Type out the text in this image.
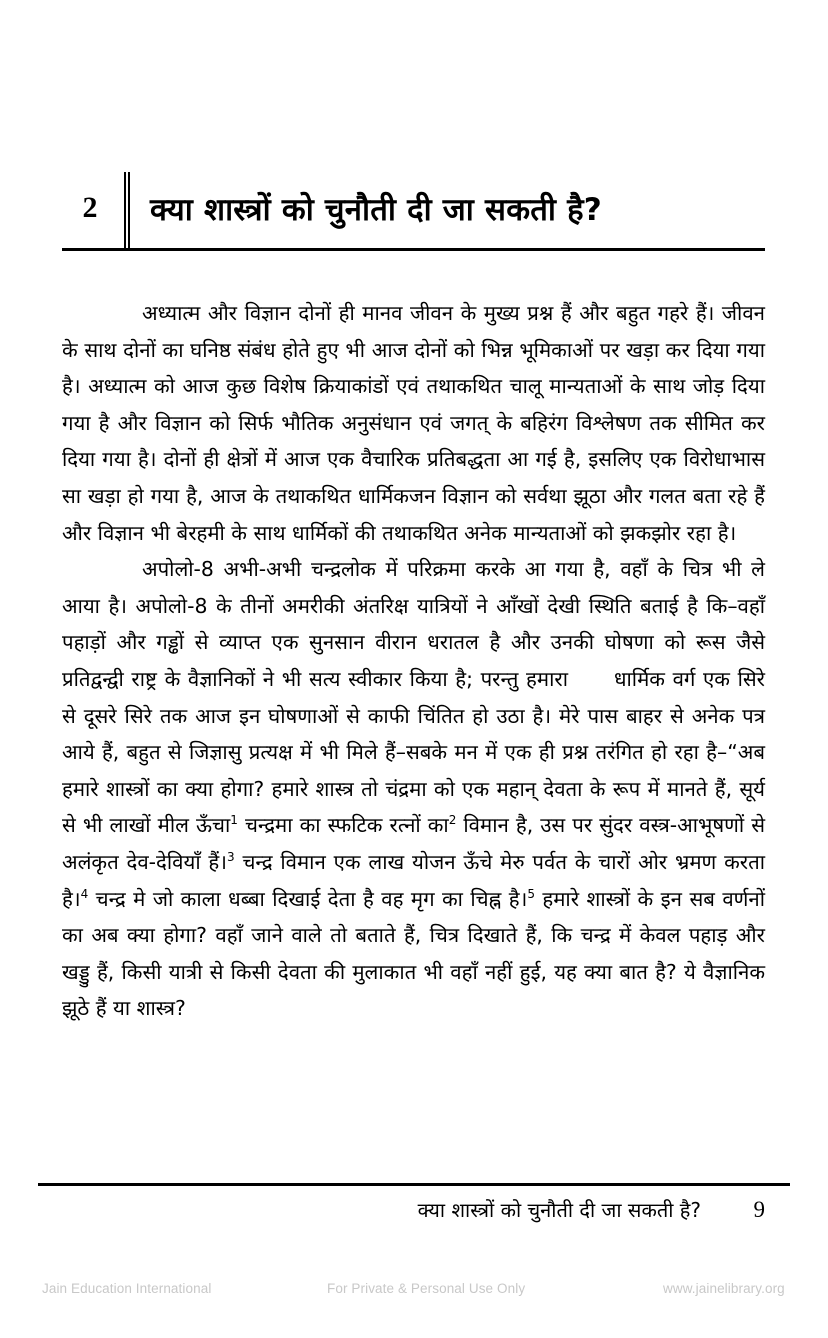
2	क्या शास्त्रों को चुनौती दी जा सकती है?

अध्यात्म और विज्ञान दोनों ही मानव जीवन के मुख्य प्रश्न हैं और बहुत गहरे हैं। जीवन के साथ दोनों का घनिष्ठ संबंध होते हुए भी आज दोनों को भिन्न भूमिकाओं पर खड़ा कर दिया गया है। अध्यात्म को आज कुछ विशेष क्रियाकांडों एवं तथाकथित चालू मान्यताओं के साथ जोड़ दिया गया है और विज्ञान को सिर्फ भौतिक अनुसंधान एवं जगत् के बहिरंग विश्लेषण तक सीमित कर दिया गया है। दोनों ही क्षेत्रों में आज एक वैचारिक प्रतिबद्धता आ गई है, इसलिए एक विरोधाभास सा खड़ा हो गया है, आज के तथाकथित धार्मिकजन विज्ञान को सर्वथा झूठा और गलत बता रहे हैं और विज्ञान भी बेरहमी के साथ धार्मिकों की तथाकथित अनेक मान्यताओं को झकझोर रहा है।

अपोलो-8 अभी-अभी चन्द्रलोक में परिक्रमा करके आ गया है, वहाँ के चित्र भी ले आया है। अपोलो-8 के तीनों अमरीकी अंतरिक्ष यात्रियों ने आँखों देखी स्थिति बताई है कि–वहाँ पहाड़ों और गड्ढों से व्याप्त एक सुनसान वीरान धरातल है और उनकी घोषणा को रूस जैसे प्रतिद्वन्द्वी राष्ट्र के वैज्ञानिकों ने भी सत्य स्वीकार किया है; परन्तु हमारा धार्मिक वर्ग एक सिरे से दूसरे सिरे तक आज इन घोषणाओं से काफी चिंतित हो उठा है। मेरे पास बाहर से अनेक पत्र आये हैं, बहुत से जिज्ञासु प्रत्यक्ष में भी मिले हैं–सबके मन में एक ही प्रश्न तरंगित हो रहा है–“अब हमारे शास्त्रों का क्या होगा? हमारे शास्त्र तो चंद्रमा को एक महान् देवता के रूप में मानते हैं, सूर्य से भी लाखों मील ऊँचा$^1$ चन्द्रमा का स्फटिक रत्नों का$^2$ विमान है, उस पर सुंदर वस्त्र-आभूषणों से अलंकृत देव-देवियाँ हैं।$^3$ चन्द्र विमान एक लाख योजन ऊँचे मेरु पर्वत के चारों ओर भ्रमण करता है।$^4$ चन्द्र मे जो काला धब्बा दिखाई देता है वह मृग का चिह्न है।$^5$ हमारे शास्त्रों के इन सब वर्णनों का अब क्या होगा? वहाँ जाने वाले तो बताते हैं, चित्र दिखाते हैं, कि चन्द्र में केवल पहाड़ और खड्डु हैं, किसी यात्री से किसी देवता की मुलाकात भी वहाँ नहीं हुई, यह क्या बात है? ये वैज्ञानिक झूठे हैं या शास्त्र?

क्या शास्त्रों को चुनौती दी जा सकती है?	9
Jain Education International	For Private & Personal Use Only	www.jainelibrary.org
